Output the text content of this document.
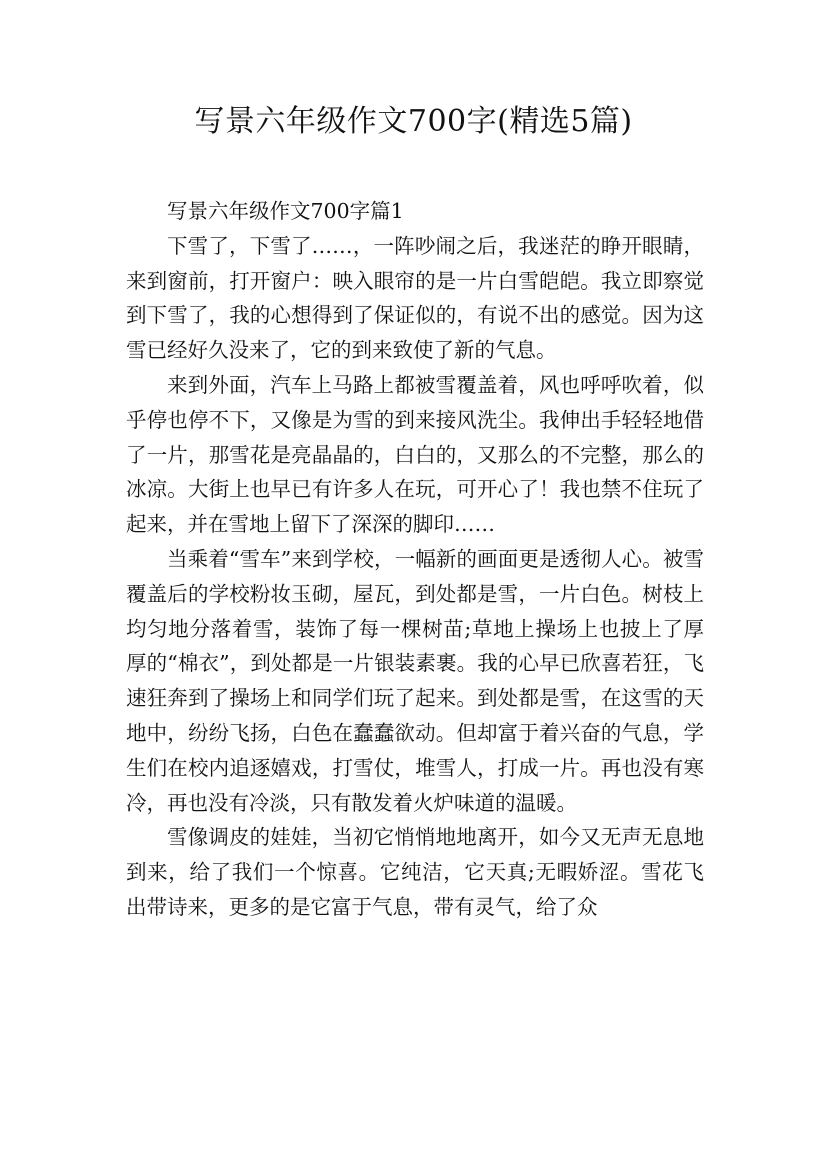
写景六年级作文700字(精选5篇)

写景六年级作文700字篇1

下雪了，下雪了……，一阵吵闹之后，我迷茫的睁开眼睛，来到窗前，打开窗户：映入眼帘的是一片白雪皑皑。我立即察觉到下雪了，我的心想得到了保证似的，有说不出的感觉。因为这雪已经好久没来了，它的到来致使了新的气息。

来到外面，汽车上马路上都被雪覆盖着，风也呼呼吹着，似乎停也停不下，又像是为雪的到来接风洗尘。我伸出手轻轻地借了一片，那雪花是亮晶晶的，白白的，又那么的不完整，那么的冰凉。大街上也早已有许多人在玩，可开心了！我也禁不住玩了起来，并在雪地上留下了深深的脚印……

当乘着“雪车”来到学校，一幅新的画面更是透彻人心。被雪覆盖后的学校粉妆玉砌，屋瓦，到处都是雪，一片白色。树枝上均匀地分落着雪，装饰了每一棵树苗;草地上操场上也披上了厚厚的“棉衣”，到处都是一片银装素裹。我的心早已欣喜若狂，飞速狂奔到了操场上和同学们玩了起来。到处都是雪，在这雪的天地中，纷纷飞扬，白色在蠢蠢欲动。但却富于着兴奋的气息，学生们在校内追逐嬉戏，打雪仗，堆雪人，打成一片。再也没有寒冷，再也没有冷淡，只有散发着火炉味道的温暖。

雪像调皮的娃娃，当初它悄悄地地离开，如今又无声无息地到来，给了我们一个惊喜。它纯洁，它天真;无暇娇涩。雪花飞出带诗来，更多的是它富于气息，带有灵气，给了众
